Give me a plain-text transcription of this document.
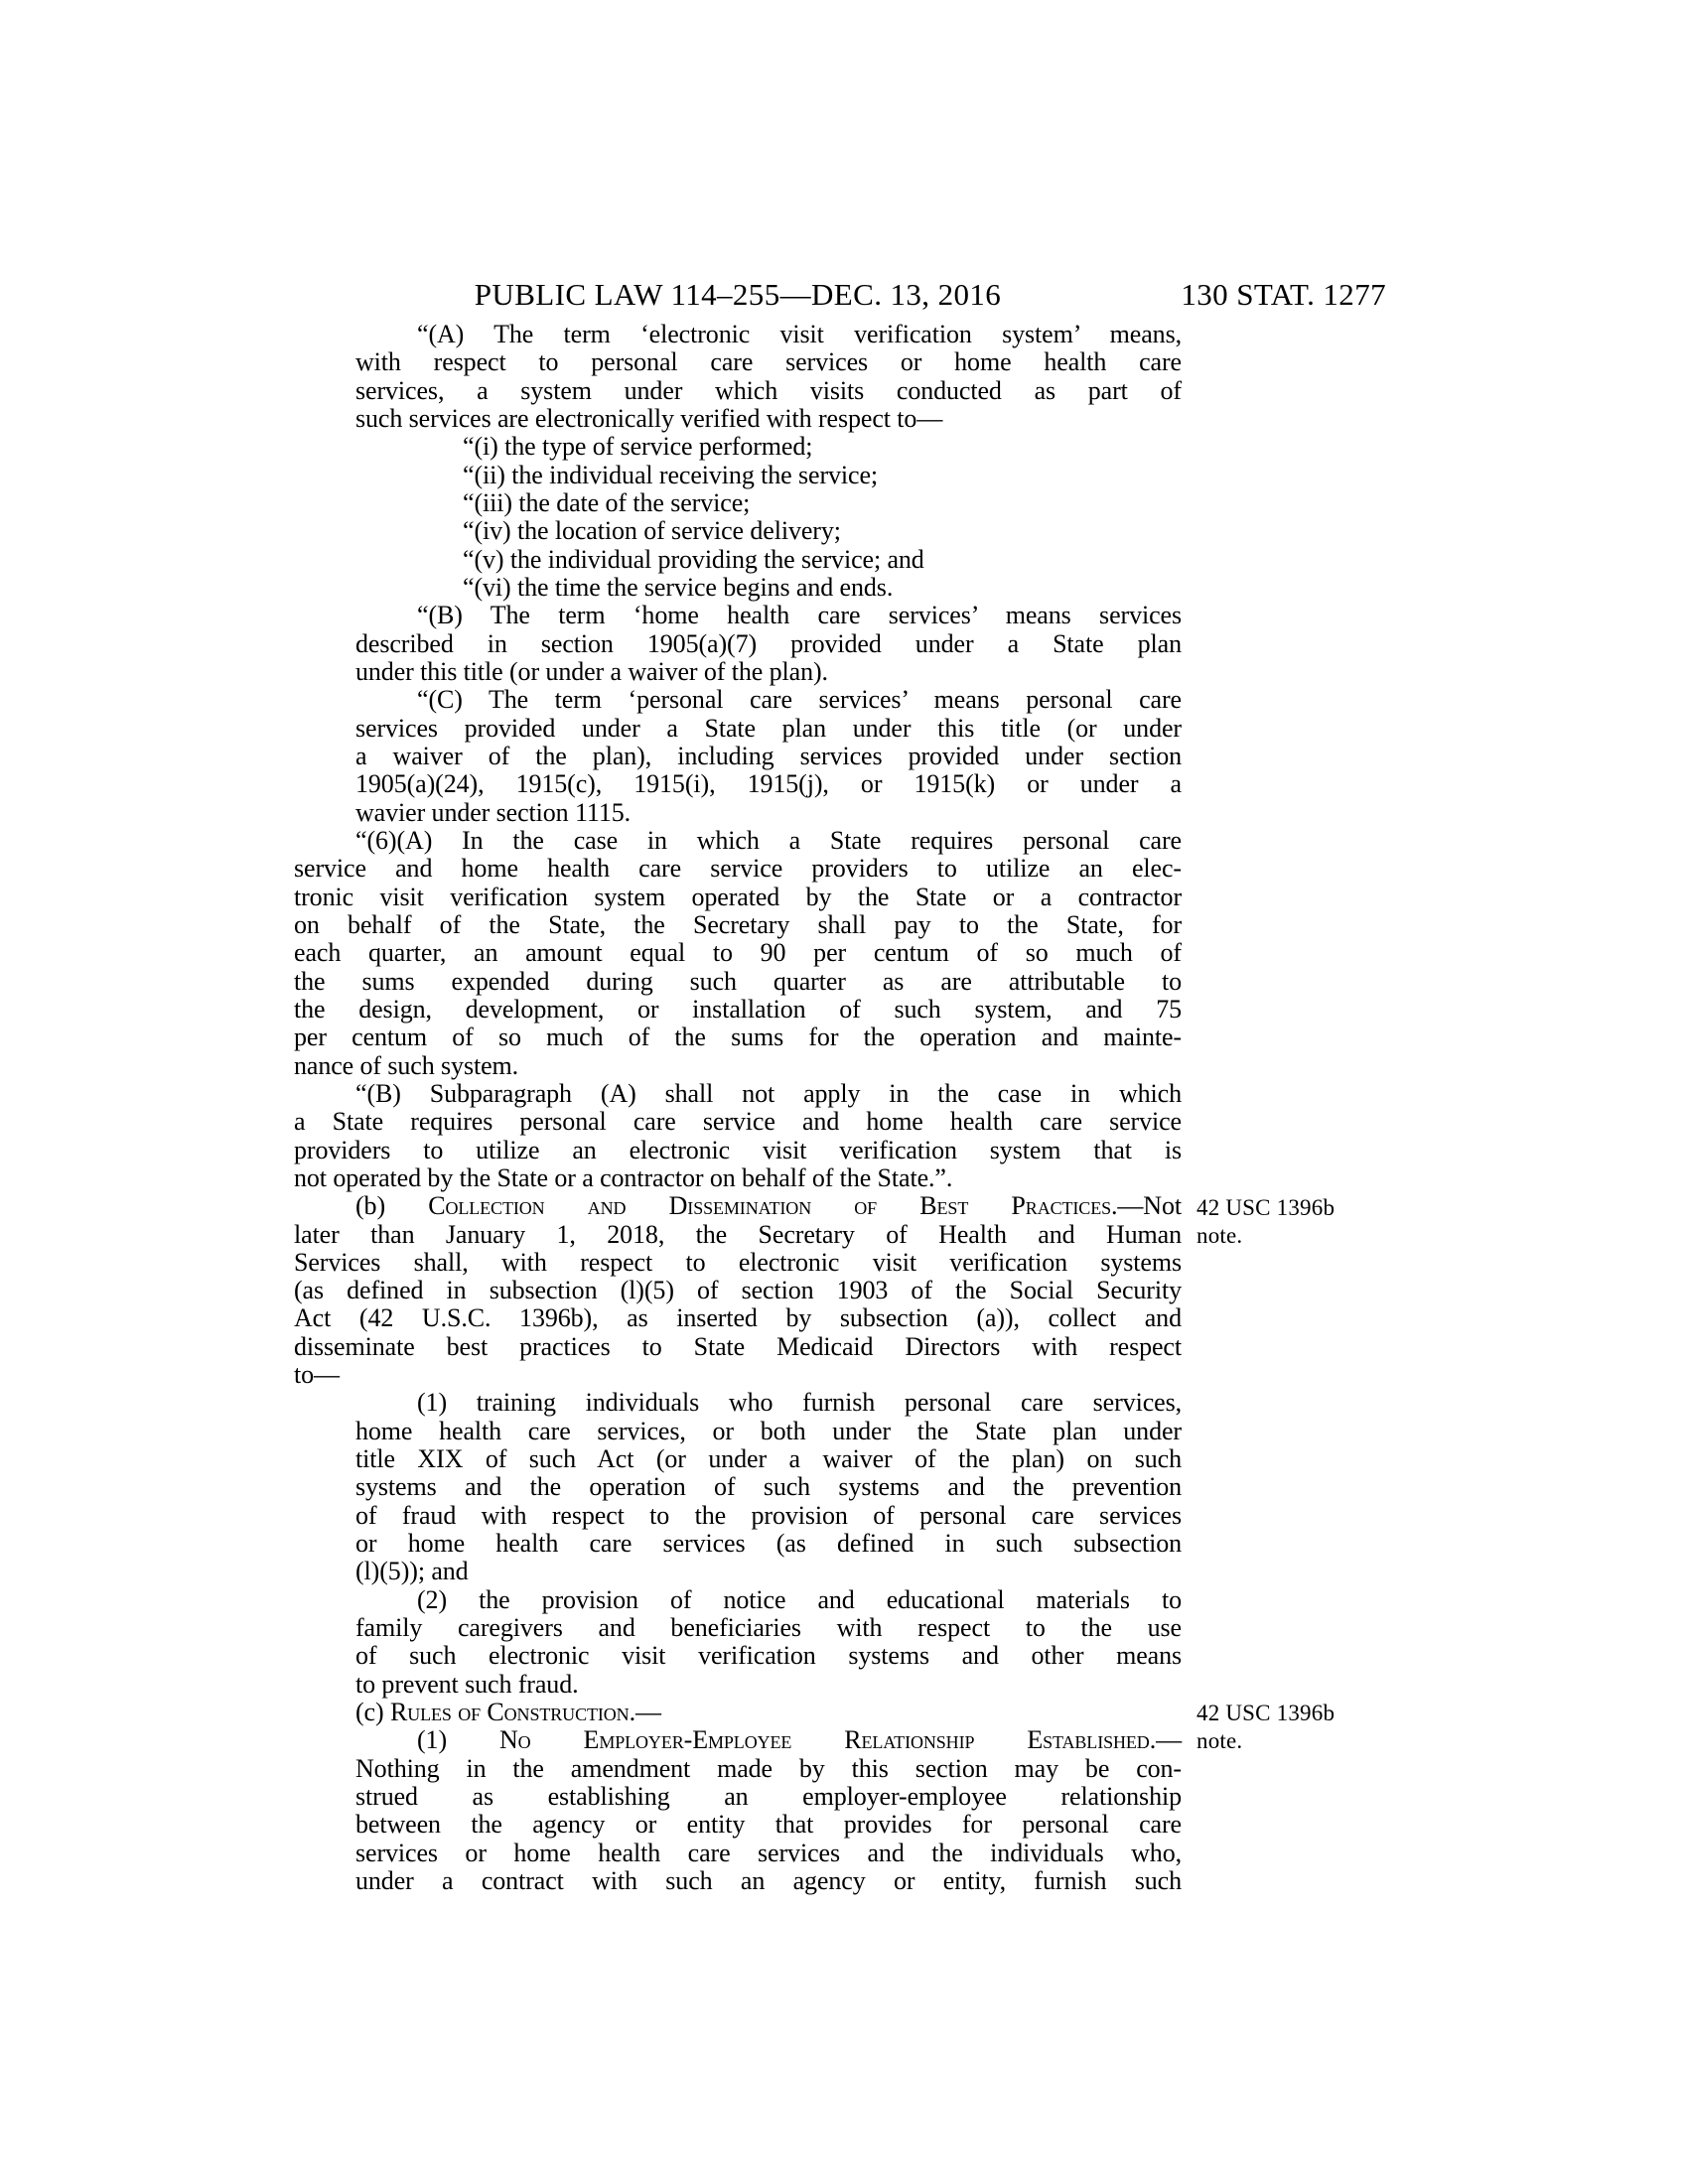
PUBLIC LAW 114–255—DEC. 13, 2016	130 STAT. 1277
“(A) The term ‘electronic visit verification system’ means,
with respect to personal care services or home health care
services, a system under which visits conducted as part of
such services are electronically verified with respect to—
“(i) the type of service performed;
“(ii) the individual receiving the service;
“(iii) the date of the service;
“(iv) the location of service delivery;
“(v) the individual providing the service; and
“(vi) the time the service begins and ends.
“(B) The term ‘home health care services’ means services
described in section 1905(a)(7) provided under a State plan
under this title (or under a waiver of the plan).
“(C) The term ‘personal care services’ means personal care
services provided under a State plan under this title (or under
a waiver of the plan), including services provided under section
1905(a)(24), 1915(c), 1915(i), 1915(j), or 1915(k) or under a
wavier under section 1115.
“(6)(A) In the case in which a State requires personal care
service and home health care service providers to utilize an elec-
tronic visit verification system operated by the State or a contractor
on behalf of the State, the Secretary shall pay to the State, for
each quarter, an amount equal to 90 per centum of so much of
the sums expended during such quarter as are attributable to
the design, development, or installation of such system, and 75
per centum of so much of the sums for the operation and mainte-
nance of such system.
“(B) Subparagraph (A) shall not apply in the case in which
a State requires personal care service and home health care service
providers to utilize an electronic visit verification system that is
not operated by the State or a contractor on behalf of the State.”.
(b) Collection and Dissemination of Best Practices.—Not
later than January 1, 2018, the Secretary of Health and Human
Services shall, with respect to electronic visit verification systems
(as defined in subsection (l)(5) of section 1903 of the Social Security
Act (42 U.S.C. 1396b), as inserted by subsection (a)), collect and
disseminate best practices to State Medicaid Directors with respect
to—
(1) training individuals who furnish personal care services,
home health care services, or both under the State plan under
title XIX of such Act (or under a waiver of the plan) on such
systems and the operation of such systems and the prevention
of fraud with respect to the provision of personal care services
or home health care services (as defined in such subsection
(l)(5)); and
(2) the provision of notice and educational materials to
family caregivers and beneficiaries with respect to the use
of such electronic visit verification systems and other means
to prevent such fraud.
(c) Rules of Construction.—
(1) No Employer-Employee Relationship Established.—
Nothing in the amendment made by this section may be con-
strued as establishing an employer-employee relationship
between the agency or entity that provides for personal care
services or home health care services and the individuals who,
under a contract with such an agency or entity, furnish such
42 USC 1396b
note.
42 USC 1396b
note.
